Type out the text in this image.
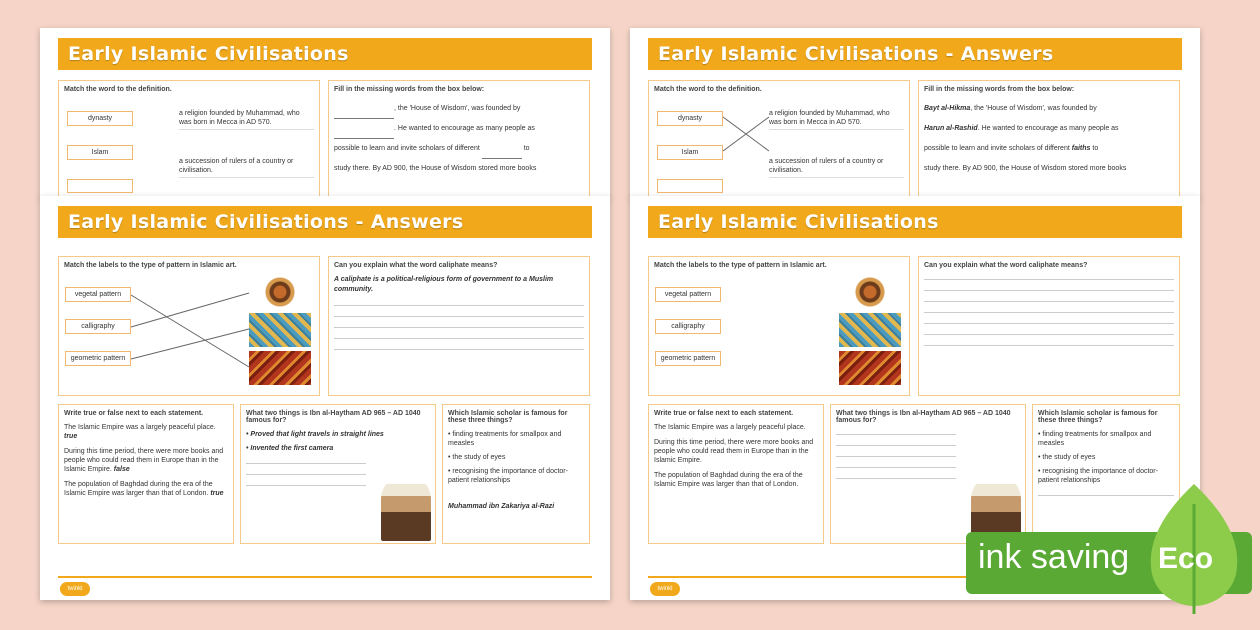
Early Islamic Civilisations
Match the word to the definition.
dynasty
Islam
a religion founded by Muhammad, who was born in Mecca in AD 570.
a succession of rulers of a country or civilisation.
Fill in the missing words from the box below:
, the 'House of Wisdom', was founded by
. He wanted to encourage as many people as
possible to learn and invite scholars of different	to
study there. By AD 900, the House of Wisdom stored more books
Early Islamic Civilisations - Answers
Match the word to the definition.
dynasty
Islam
a religion founded by Muhammad, who was born in Mecca in AD 570.
a succession of rulers of a country or civilisation.
Fill in the missing words from the box below:
Bayt al-Hikma, the 'House of Wisdom', was founded by
Harun al-Rashid. He wanted to encourage as many people as
possible to learn and invite scholars of different faiths to
study there. By AD 900, the House of Wisdom stored more books
Early Islamic Civilisations - Answers
Match the labels to the type of pattern in Islamic art.
vegetal pattern
calligraphy
geometric pattern
Can you explain what the word caliphate means?
A caliphate is a political-religious form of government to a Muslim community.
Write true or false next to each statement.
The Islamic Empire was a largely peaceful place. true
During this time period, there were more books and people who could read them in Europe than in the Islamic Empire. false
The population of Baghdad during the era of the Islamic Empire was larger than that of London. true
What two things is Ibn al-Haytham AD 965 – AD 1040 famous for?
• Proved that light travels in straight lines
• Invented the first camera
Which Islamic scholar is famous for these three things?
• finding treatments for smallpox and measles
• the study of eyes
• recognising the importance of doctor-patient relationships
Muhammad ibn Zakariya al-Razi
twinkl
Early Islamic Civilisations
Match the labels to the type of pattern in Islamic art.
vegetal pattern
calligraphy
geometric pattern
Can you explain what the word caliphate means?
Write true or false next to each statement.
The Islamic Empire was a largely peaceful place.
During this time period, there were more books and people who could read them in Europe than in the Islamic Empire.
The population of Baghdad during the era of the Islamic Empire was larger than that of London.
What two things is Ibn al-Haytham AD 965 – AD 1040 famous for?
Which Islamic scholar is famous for these three things?
• finding treatments for smallpox and measles
• the study of eyes
• recognising the importance of doctor-patient relationships
twinkl
ink saving Eco
